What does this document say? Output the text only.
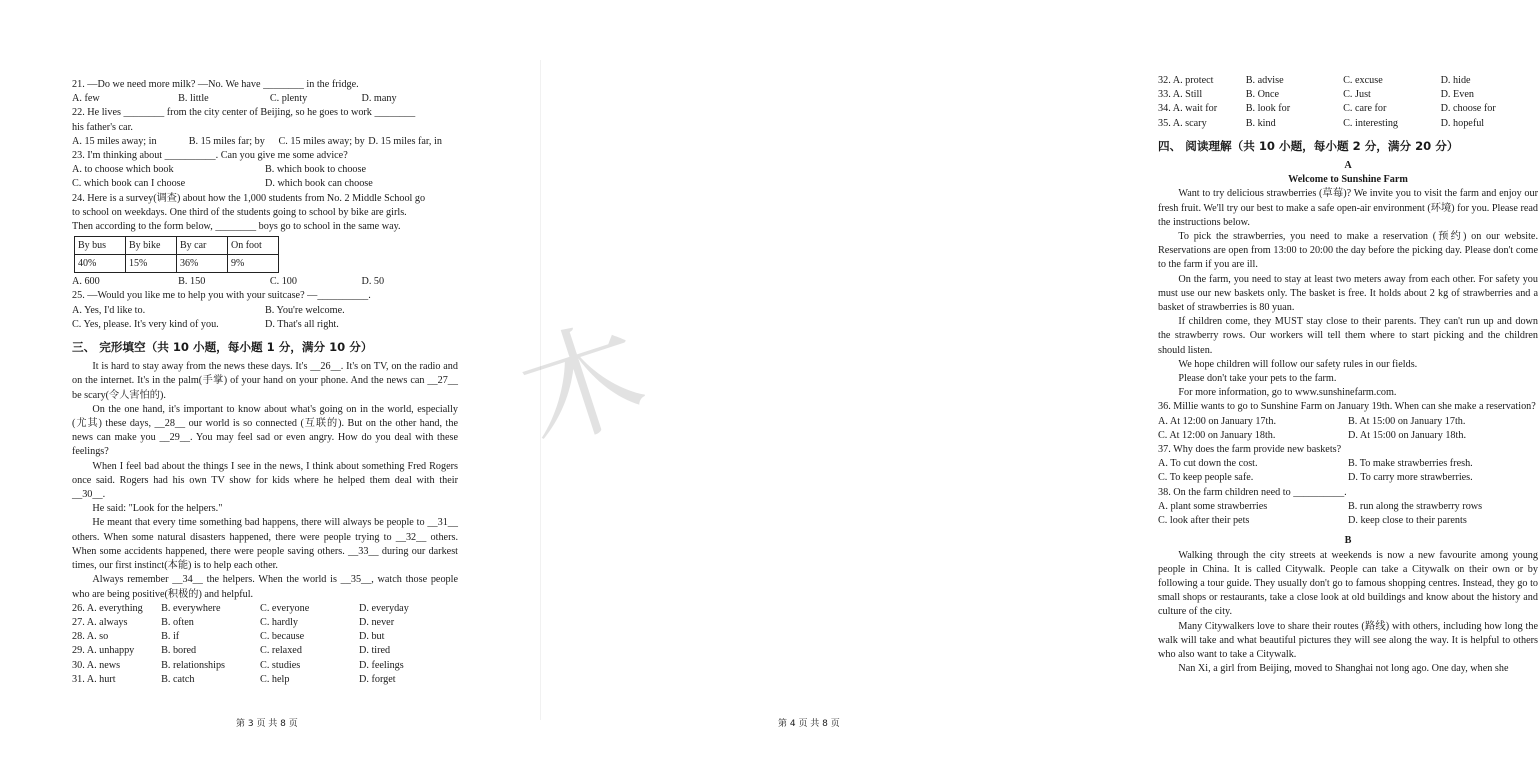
木
21. —Do we need more milk? —No. We have ________ in the fridge.
A. few	B. little	C. plenty	D. many
22. He lives ________ from the city center of Beijing, so he goes to work ________
his father's car.
A. 15 miles away; in	B. 15 miles far; by	C. 15 miles away; by D. 15 miles far, in
23. I'm thinking about __________. Can you give me some advice?
A. to choose which book	B. which book to choose
C. which book can I choose	D. which book can choose
24. Here is a survey(调查) about how the 1,000 students from No. 2 Middle School go
to school on weekdays. One third of the students going to school by bike are girls.
Then according to the form below, ________ boys go to school in the same way.
By bus	By bike	By car	On foot
40%	15%	36%	9%
A. 600	B. 150	C. 100	D. 50
25. —Would you like me to help you with your suitcase? —__________.
A. Yes, I'd like to.	B. You're welcome.
C. Yes, please. It's very kind of you.	D. That's all right.
三、 完形填空（共 10 小题，每小题 1 分，满分 10 分）

It is hard to stay away from the news these days. It's __26__. It's on TV, on the radio and on the internet. It's in the palm(手掌) of your hand on your phone. And the news can __27__ be scary(令人害怕的).

On the one hand, it's important to know about what's going on in the world, especially (尤其) these days, __28__ our world is so connected (互联的). But on the other hand, the news can make you __29__. You may feel sad or even angry. How do you deal with these feelings?

When I feel bad about the things I see in the news, I think about something Fred Rogers once said. Rogers had his own TV show for kids where he helped them deal with their __30__.

He said: "Look for the helpers."

He meant that every time something bad happens, there will always be people to __31__ others. When some natural disasters happened, there were people trying to __32__ others. When some accidents happened, there were people saving others. __33__ during our darkest times, our first instinct(本能) is to help each other.

Always remember __34__ the helpers. When the world is __35__, watch those people who are being positive(积极的) and helpful.

26. A. everything	B. everywhere	C. everyone	D. everyday
27. A. always	B. often	C. hardly	D. never
28. A. so	B. if	C. because	D. but
29. A. unhappy	B. bored	C. relaxed	D. tired
30. A. news	B. relationships	C. studies	D. feelings
31. A. hurt	B. catch	C. help	D. forget
第 3 页 共 8 页
32. A. protect	B. advise	C. excuse	D. hide
33. A. Still	B. Once	C. Just	D. Even
34. A. wait for	B. look for	C. care for	D. choose for
35. A. scary	B. kind	C. interesting	D. hopeful
四、 阅读理解（共 10 小题，每小题 2 分，满分 20 分）
A
Welcome to Sunshine Farm

Want to try delicious strawberries (草莓)? We invite you to visit the farm and enjoy our fresh fruit. We'll try our best to make a safe open-air environment (环境) for you. Please read the instructions below.

To pick the strawberries, you need to make a reservation (预约) on our website. Reservations are open from 13:00 to 20:00 the day before the picking day. Please don't come to the farm if you are ill.

On the farm, you need to stay at least two meters away from each other. For safety you must use our new baskets only. The basket is free. It holds about 2 kg of strawberries and a basket of strawberries is 80 yuan.

If children come, they MUST stay close to their parents. They can't run up and down the strawberry rows. Our workers will tell them where to start picking and the children should listen.

We hope children will follow our safety rules in our fields.

Please don't take your pets to the farm.

For more information, go to www.sunshinefarm.com.

36. Millie wants to go to Sunshine Farm on January 19th. When can she make a reservation?
A. At 12:00 on January 17th.	B. At 15:00 on January 17th.
C. At 12:00 on January 18th.	D. At 15:00 on January 18th.
37. Why does the farm provide new baskets?
A. To cut down the cost.	B. To make strawberries fresh.
C. To keep people safe.	D. To carry more strawberries.
38. On the farm children need to __________.
A. plant some strawberries	B. run along the strawberry rows
C. look after their pets	D. keep close to their parents
B

Walking through the city streets at weekends is now a new favourite among young people in China. It is called Citywalk. People can take a Citywalk on their own or by following a tour guide. They usually don't go to famous shopping centres. Instead, they go to small shops or restaurants, take a close look at old buildings and know about the history and culture of the city.

Many Citywalkers love to share their routes (路线) with others, including how long the walk will take and what beautiful pictures they will see along the way. It is helpful to others who also want to take a Citywalk.

Nan Xi, a girl from Beijing, moved to Shanghai not long ago. One day, when she

第 4 页 共 8 页
